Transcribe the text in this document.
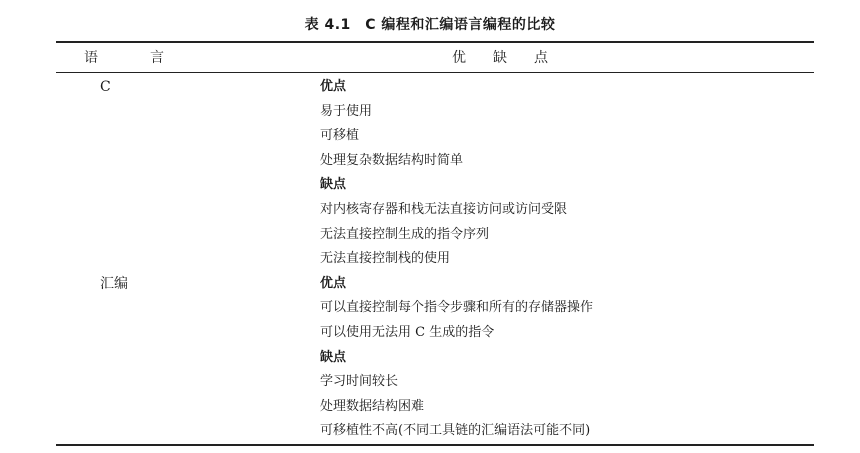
表 4.1　C 编程和汇编语言编程的比较
语	言	优 缺 点
C
汇编
优点
易于使用
可移植
处理复杂数据结构时简单
缺点
对内核寄存器和栈无法直接访问或访问受限
无法直接控制生成的指令序列
无法直接控制栈的使用
优点
可以直接控制每个指令步骤和所有的存储器操作
可以使用无法用 C 生成的指令
缺点
学习时间较长
处理数据结构困难
可移植性不高(不同工具链的汇编语法可能不同)
